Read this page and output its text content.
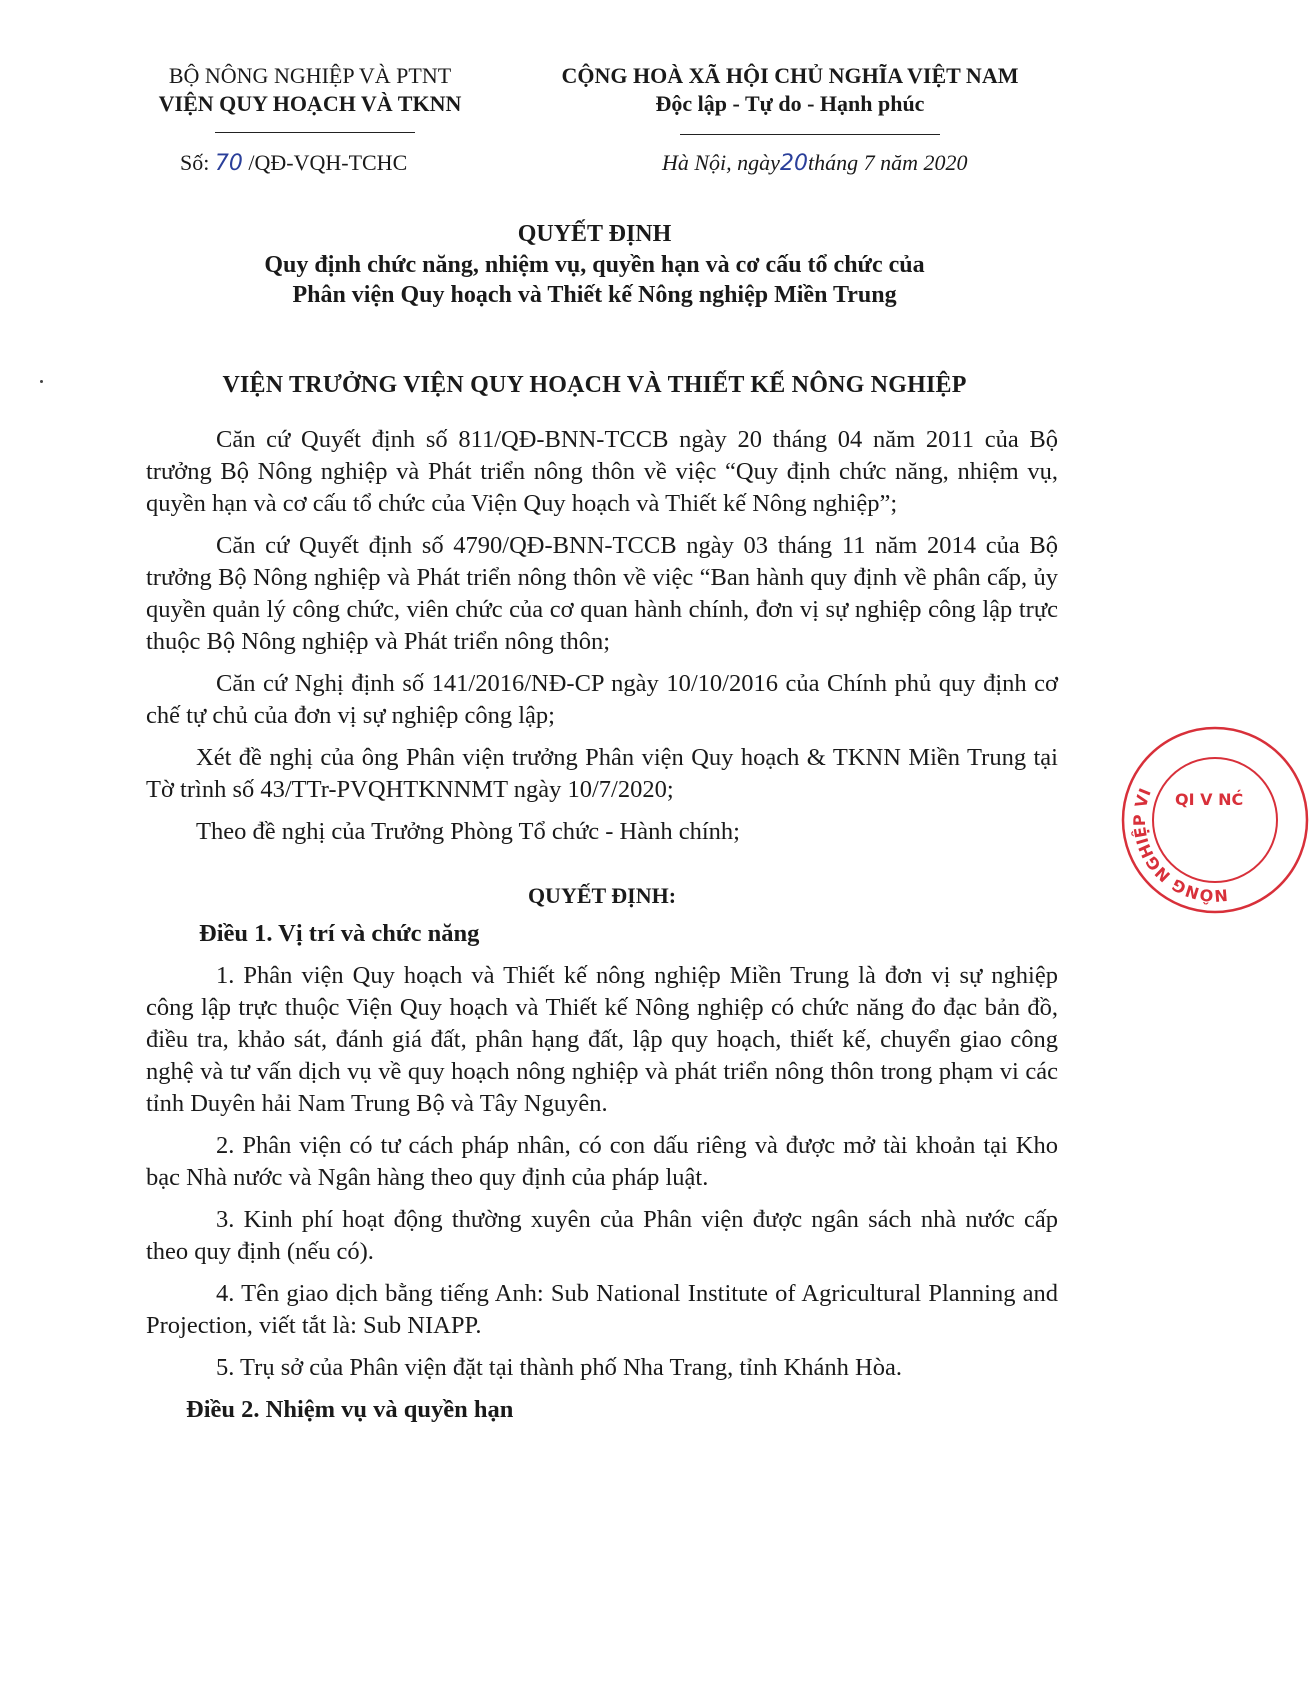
BỘ NÔNG NGHIỆP VÀ PTNT
VIỆN QUY HOẠCH VÀ TKNN
CỘNG HOÀ XÃ HỘI CHỦ NGHĨA VIỆT NAM
Độc lập - Tự do - Hạnh phúc
Số: 70 /QĐ-VQH-TCHC	Hà Nội, ngày20tháng 7 năm 2020
QUYẾT ĐỊNH
Quy định chức năng, nhiệm vụ, quyền hạn và cơ cấu tổ chức của
Phân viện Quy hoạch và Thiết kế Nông nghiệp Miền Trung
VIỆN TRƯỞNG VIỆN QUY HOẠCH VÀ THIẾT KẾ NÔNG NGHIỆP

Căn cứ Quyết định số 811/QĐ-BNN-TCCB ngày 20 tháng 04 năm 2011 của Bộ trưởng Bộ Nông nghiệp và Phát triển nông thôn về việc “Quy định chức năng, nhiệm vụ, quyền hạn và cơ cấu tổ chức của Viện Quy hoạch và Thiết kế Nông nghiệp”;

Căn cứ Quyết định số 4790/QĐ-BNN-TCCB ngày 03 tháng 11 năm 2014 của Bộ trưởng Bộ Nông nghiệp và Phát triển nông thôn về việc “Ban hành quy định về phân cấp, ủy quyền quản lý công chức, viên chức của cơ quan hành chính, đơn vị sự nghiệp công lập trực thuộc Bộ Nông nghiệp và Phát triển nông thôn;

Căn cứ Nghị định số 141/2016/NĐ-CP ngày 10/10/2016 của Chính phủ quy định cơ chế tự chủ của đơn vị sự nghiệp công lập;

Xét đề nghị của ông Phân viện trưởng Phân viện Quy hoạch & TKNN Miền Trung tại Tờ trình số 43/TTr-PVQHTKNNMT ngày 10/7/2020;

Theo đề nghị của Trưởng Phòng Tổ chức - Hành chính;

QUYẾT ĐỊNH:

Điều 1. Vị trí và chức năng

1. Phân viện Quy hoạch và Thiết kế nông nghiệp Miền Trung là đơn vị sự nghiệp công lập trực thuộc Viện Quy hoạch và Thiết kế Nông nghiệp có chức năng đo đạc bản đồ, điều tra, khảo sát, đánh giá đất, phân hạng đất, lập quy hoạch, thiết kế, chuyển giao công nghệ và tư vấn dịch vụ về quy hoạch nông nghiệp và phát triển nông thôn trong phạm vi các tỉnh Duyên hải Nam Trung Bộ và Tây Nguyên.

2. Phân viện có tư cách pháp nhân, có con dấu riêng và được mở tài khoản tại Kho bạc Nhà nước và Ngân hàng theo quy định của pháp luật.

3. Kinh phí hoạt động thường xuyên của Phân viện được ngân sách nhà nước cấp theo quy định (nếu có).

4. Tên giao dịch bằng tiếng Anh: Sub National Institute of Agricultural Planning and Projection, viết tắt là: Sub NIAPP.

5. Trụ sở của Phân viện đặt tại thành phố Nha Trang, tỉnh Khánh Hòa.

Điều 2. Nhiệm vụ và quyền hạn

NÔNG NGHIỆP VI	QI V NĆ
